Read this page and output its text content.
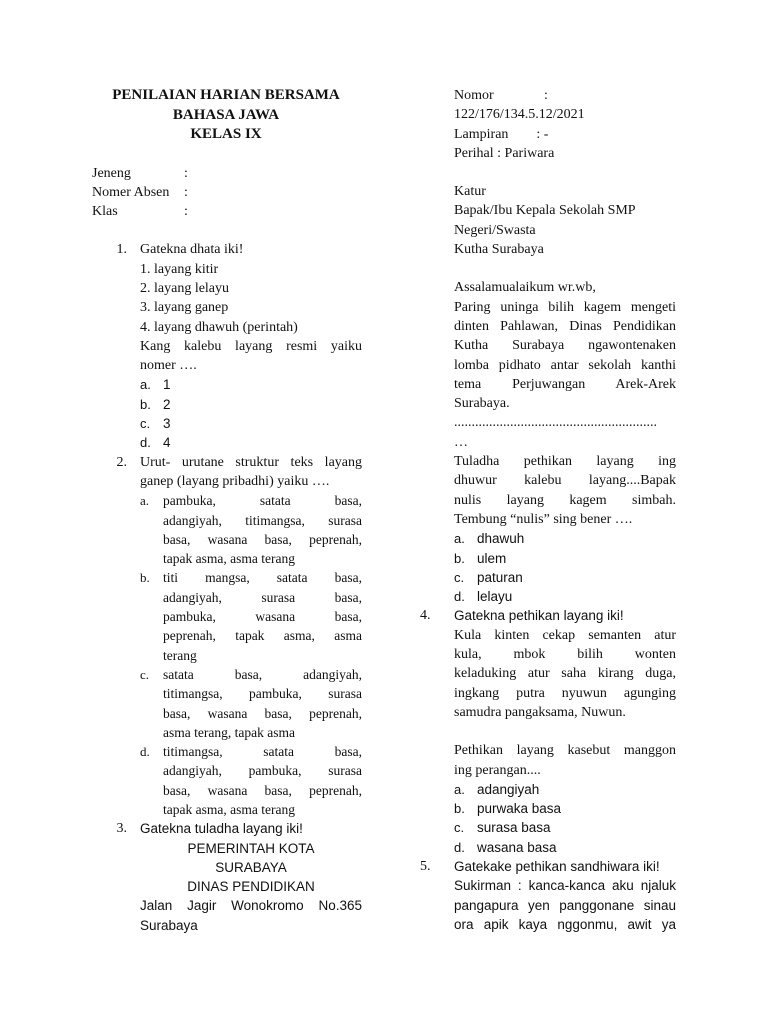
PENILAIAN HARIAN BERSAMA
BAHASA JAWA
KELAS IX
Jeneng	:
Nomer Absen	:
Klas	:
1. Gatekna dhata iki!
1. layang kitir
2. layang lelayu
3. layang ganep
4. layang dhawuh (perintah)
Kang kalebu layang resmi yaiku
nomer ….
a. 1
b. 2
c. 3
d. 4
2. Urut- urutane struktur teks layang
ganep (layang pribadhi) yaiku ….
a.	pambuka, satata basa,
adangiyah, titimangsa, surasa
basa, wasana basa, peprenah,
tapak asma, asma terang
b. titi mangsa, satata basa,
adangiyah, surasa basa,
pambuka, wasana basa,
peprenah, tapak asma, asma
terang
c.	satata basa, adangiyah,
titimangsa, pambuka, surasa
basa, wasana basa, peprenah,
asma terang, tapak asma
d. titimangsa, satata basa,
adangiyah, pambuka, surasa
basa, wasana basa, peprenah,
tapak asma, asma terang
3. Gatekna tuladha layang iki!
PEMERINTAH KOTA
SURABAYA
DINAS PENDIDIKAN
Jalan Jagir Wonokromo No.365
Surabaya
Nomor	:
122/176/134.5.12/2021
Lampiran        : -
Perihal : Pariwara
Katur
Bapak/Ibu Kepala Sekolah SMP
Negeri/Swasta
Kutha Surabaya
Assalamualaikum wr.wb,
Paring uninga bilih kagem mengeti
dinten Pahlawan, Dinas Pendidikan
Kutha Surabaya ngawontenaken
lomba pidhato antar sekolah kanthi
tema Perjuwangan Arek-Arek
Surabaya.
..........................................................
…
Tuladha pethikan layang ing
dhuwur kalebu layang....Bapak
nulis layang kagem simbah.
Tembung “nulis” sing bener ….
a. dhawuh
b. ulem
c. paturan
d. lelayu
4.	Gatekna pethikan layang iki!
Kula kinten cekap semanten atur
kula, mbok bilih wonten
keladuking atur saha kirang duga,
ingkang putra nyuwun agunging
samudra pangaksama, Nuwun.
Pethikan layang kasebut manggon
ing perangan....
a. adangiyah
b. purwaka basa
c. surasa basa
d. wasana basa
5.	Gatekake pethikan sandhiwara iki!
Sukirman : kanca-kanca aku njaluk
pangapura yen panggonane sinau
ora apik kaya nggonmu, awit ya
